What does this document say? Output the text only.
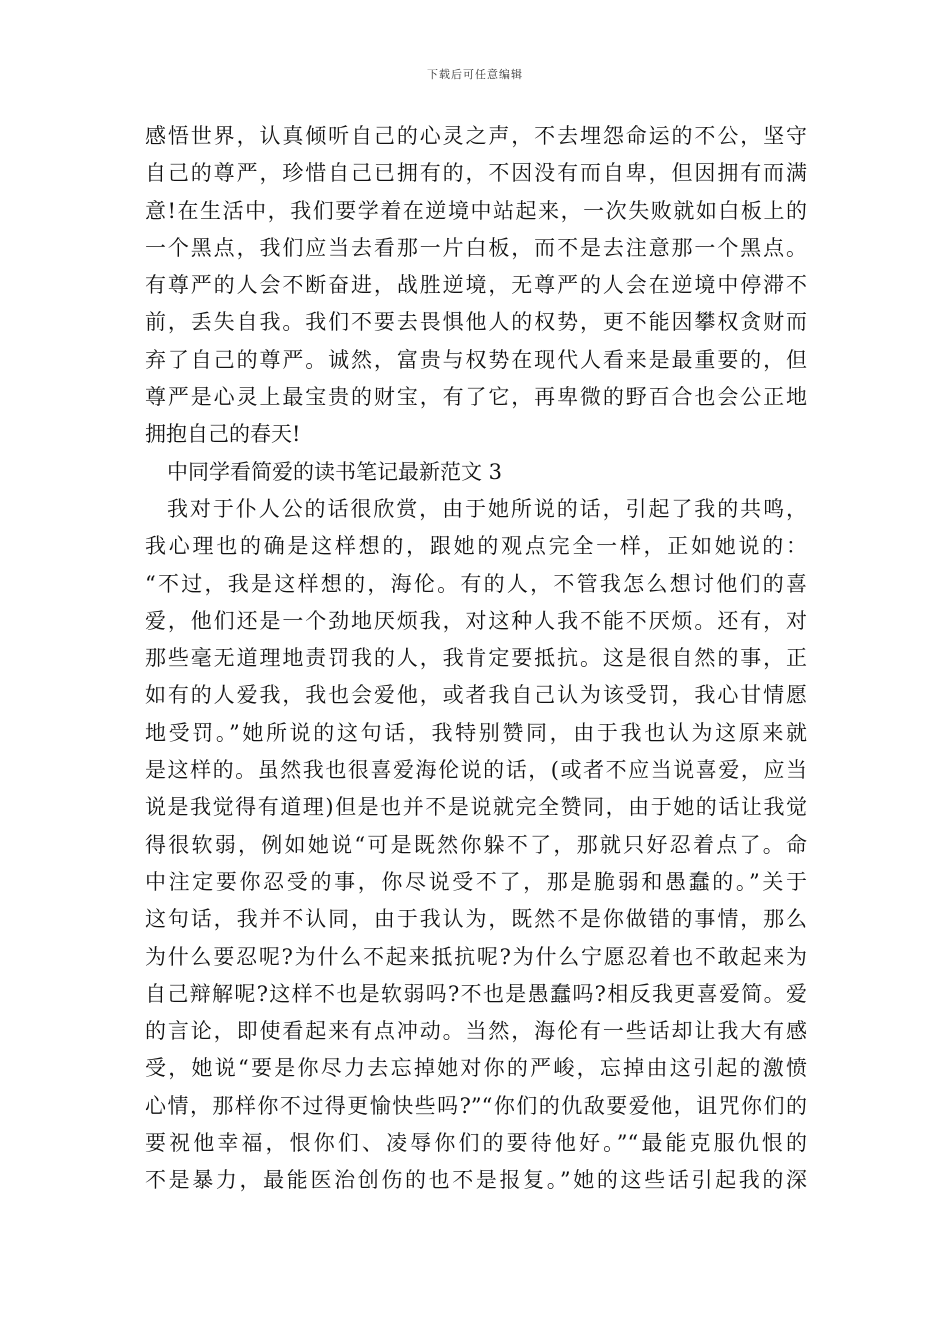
下载后可任意编辑
感悟世界，认真倾听自己的心灵之声，不去埋怨命运的不公，坚守
自己的尊严，珍惜自己已拥有的，不因没有而自卑，但因拥有而满
意!在生活中，我们要学着在逆境中站起来，一次失败就如白板上的
一个黑点，我们应当去看那一片白板，而不是去注意那一个黑点。
有尊严的人会不断奋进，战胜逆境，无尊严的人会在逆境中停滞不
前，丢失自我。我们不要去畏惧他人的权势，更不能因攀权贪财而
弃了自己的尊严。诚然，富贵与权势在现代人看来是最重要的，但
尊严是心灵上最宝贵的财宝，有了它，再卑微的野百合也会公正地
拥抱自己的春天!
中同学看简爱的读书笔记最新范文 3
我对于仆人公的话很欣赏，由于她所说的话，引起了我的共鸣，
我心理也的确是这样想的，跟她的观点完全一样，正如她说的：
“不过，我是这样想的，海伦。有的人，不管我怎么想讨他们的喜
爱，他们还是一个劲地厌烦我，对这种人我不能不厌烦。还有，对
那些毫无道理地责罚我的人，我肯定要抵抗。这是很自然的事，正
如有的人爱我，我也会爱他，或者我自己认为该受罚，我心甘情愿
地受罚。”她所说的这句话，我特别赞同，由于我也认为这原来就
是这样的。虽然我也很喜爱海伦说的话，(或者不应当说喜爱，应当
说是我觉得有道理)但是也并不是说就完全赞同，由于她的话让我觉
得很软弱，例如她说“可是既然你躲不了，那就只好忍着点了。命
中注定要你忍受的事，你尽说受不了，那是脆弱和愚蠢的。”关于
这句话，我并不认同，由于我认为，既然不是你做错的事情，那么
为什么要忍呢?为什么不起来抵抗呢?为什么宁愿忍着也不敢起来为
自己辩解呢?这样不也是软弱吗?不也是愚蠢吗?相反我更喜爱简。爱
的言论，即使看起来有点冲动。当然，海伦有一些话却让我大有感
受，她说“要是你尽力去忘掉她对你的严峻，忘掉由这引起的激愤
心情，那样你不过得更愉快些吗?”“你们的仇敌要爱他，诅咒你们的
要祝他幸福，恨你们、凌辱你们的要待他好。”“最能克服仇恨的
不是暴力，最能医治创伤的也不是报复。”她的这些话引起我的深
